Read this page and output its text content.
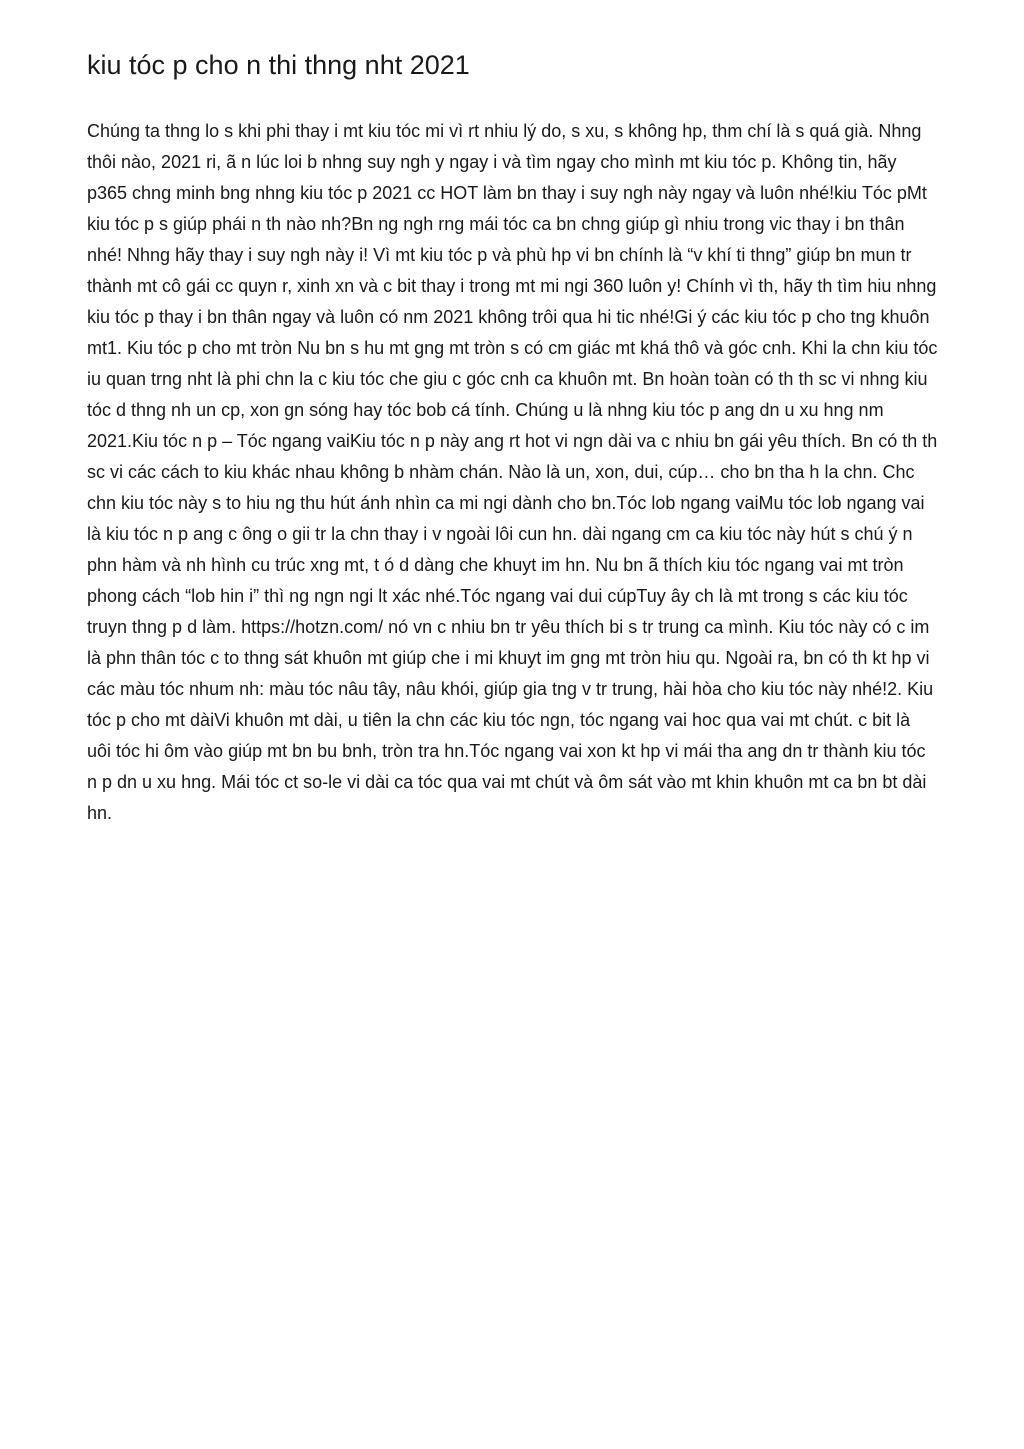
kiu tóc p cho n thi thng nht 2021

Chúng ta thng lo s khi phi thay i mt kiu tóc mi vì rt nhiu lý do, s xu, s không hp, thm chí là s quá già. Nhng thôi nào, 2021 ri, ã n lúc loi b nhng suy ngh y ngay i và tìm ngay cho mình mt kiu tóc p. Không tin, hãy p365 chng minh bng nhng kiu tóc p 2021 cc HOT làm bn thay i suy ngh này ngay và luôn nhé!kiu Tóc pMt kiu tóc p s giúp phái n th nào nh?Bn ng ngh rng mái tóc ca bn chng giúp gì nhiu trong vic thay i bn thân nhé! Nhng hãy thay i suy ngh này i! Vì mt kiu tóc p và phù hp vi bn chính là “v khí ti thng” giúp bn mun tr thành mt cô gái cc quyn r, xinh xn và c bit thay i trong mt mi ngi 360 luôn y! Chính vì th, hãy th tìm hiu nhng kiu tóc p thay i bn thân ngay và luôn có nm 2021 không trôi qua hi tic nhé!Gi ý các kiu tóc p cho tng khuôn mt1. Kiu tóc p cho mt tròn Nu bn s hu mt gng mt tròn s có cm giác mt khá thô và góc cnh. Khi la chn kiu tóc iu quan trng nht là phi chn la c kiu tóc che giu c góc cnh ca khuôn mt. Bn hoàn toàn có th th sc vi nhng kiu tóc d thng nh un cp, xon gn sóng hay tóc bob cá tính. Chúng u là nhng kiu tóc p ang dn u xu hng nm 2021.Kiu tóc n p – Tóc ngang vaiKiu tóc n p này ang rt hot vi ngn dài va c nhiu bn gái yêu thích. Bn có th th sc vi các cách to kiu khác nhau không b nhàm chán. Nào là un, xon, dui, cúp… cho bn tha h la chn. Chc chn kiu tóc này s to hiu ng thu hút ánh nhìn ca mi ngi dành cho bn.Tóc lob ngang vaiMu tóc lob ngang vai là kiu tóc n p ang c ông o gii tr la chn thay i v ngoài lôi cun hn. dài ngang cm ca kiu tóc này hút s chú ý n phn hàm và nh hình cu trúc xng mt, t ó d dàng che khuyt im hn. Nu bn ã thích kiu tóc ngang vai mt tròn phong cách “lob hin i” thì ng ngn ngi lt xác nhé.Tóc ngang vai dui cúpTuy ây ch là mt trong s các kiu tóc truyn thng p d làm. https://hotzn.com/ nó vn c nhiu bn tr yêu thích bi s tr trung ca mình. Kiu tóc này có c im là phn thân tóc c to thng sát khuôn mt giúp che i mi khuyt im gng mt tròn hiu qu. Ngoài ra, bn có th kt hp vi các màu tóc nhum nh: màu tóc nâu tây, nâu khói, giúp gia tng v tr trung, hài hòa cho kiu tóc này nhé!2. Kiu tóc p cho mt dàiVi khuôn mt dài, u tiên la chn các kiu tóc ngn, tóc ngang vai hoc qua vai mt chút. c bit là uôi tóc hi ôm vào giúp mt bn bu bnh, tròn tra hn.Tóc ngang vai xon kt hp vi mái tha ang dn tr thành kiu tóc n p dn u xu hng. Mái tóc ct so-le vi dài ca tóc qua vai mt chút và ôm sát vào mt khin khuôn mt ca bn bt dài hn.
